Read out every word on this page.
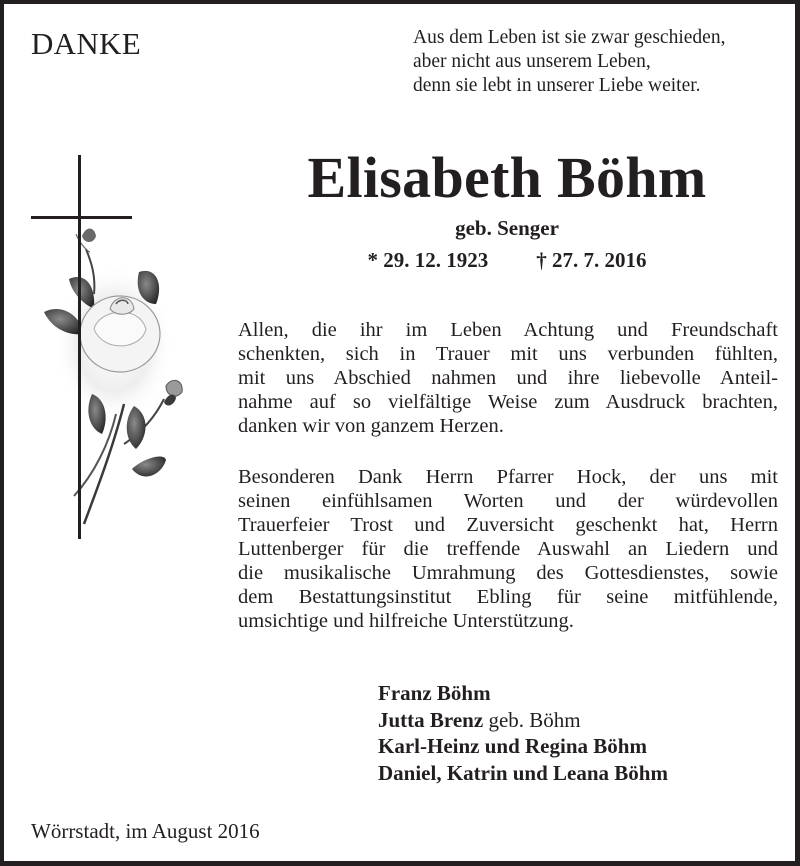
DANKE	Aus dem Leben ist sie zwar geschieden,
aber nicht aus unserem Leben,
denn sie lebt in unserer Liebe weiter.
Elisabeth Böhm
geb. Senger
* 29. 12. 1923 † 27. 7. 2016
Allen, die ihr im Leben Achtung und Freundschaft
schenkten, sich in Trauer mit uns verbunden fühlten,
mit uns Abschied nahmen und ihre liebevolle Anteil-
nahme auf so vielfältige Weise zum Ausdruck brachten,
danken wir von ganzem Herzen.
Besonderen Dank Herrn Pfarrer Hock, der uns mit
seinen einfühlsamen Worten und der würdevollen
Trauerfeier Trost und Zuversicht geschenkt hat, Herrn
Luttenberger für die treffende Auswahl an Liedern und
die musikalische Umrahmung des Gottesdienstes, sowie
dem Bestattungsinstitut Ebling für seine mitfühlende,
umsichtige und hilfreiche Unterstützung.
Franz Böhm
Jutta Brenz geb. Böhm
Karl-Heinz und Regina Böhm
Daniel, Katrin und Leana Böhm
Wörrstadt, im August 2016
